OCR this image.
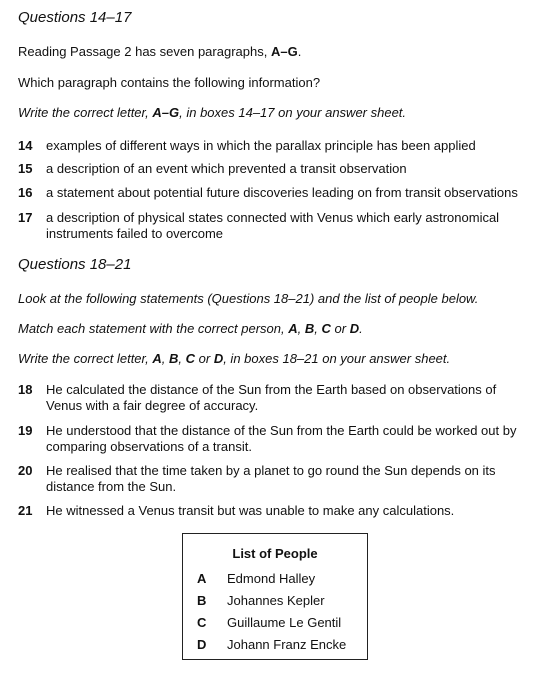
Questions 14–17
Reading Passage 2 has seven paragraphs, A–G.
Which paragraph contains the following information?
Write the correct letter, A–G, in boxes 14–17 on your answer sheet.
14	examples of different ways in which the parallax principle has been applied
15	a description of an event which prevented a transit observation
16	a statement about potential future discoveries leading on from transit observations
17	a description of physical states connected with Venus which early astronomical
instruments failed to overcome
Questions 18–21
Look at the following statements (Questions 18–21) and the list of people below.
Match each statement with the correct person, A, B, C or D.
Write the correct letter, A, B, C or D, in boxes 18–21 on your answer sheet.
18	He calculated the distance of the Sun from the Earth based on observations of
Venus with a fair degree of accuracy.
19	He understood that the distance of the Sun from the Earth could be worked out by
comparing observations of a transit.
20	He realised that the time taken by a planet to go round the Sun depends on its
distance from the Sun.
21	He witnessed a Venus transit but was unable to make any calculations.
List of People
A Edmond Halley
B Johannes Kepler
C Guillaume Le Gentil
D Johann Franz Encke
